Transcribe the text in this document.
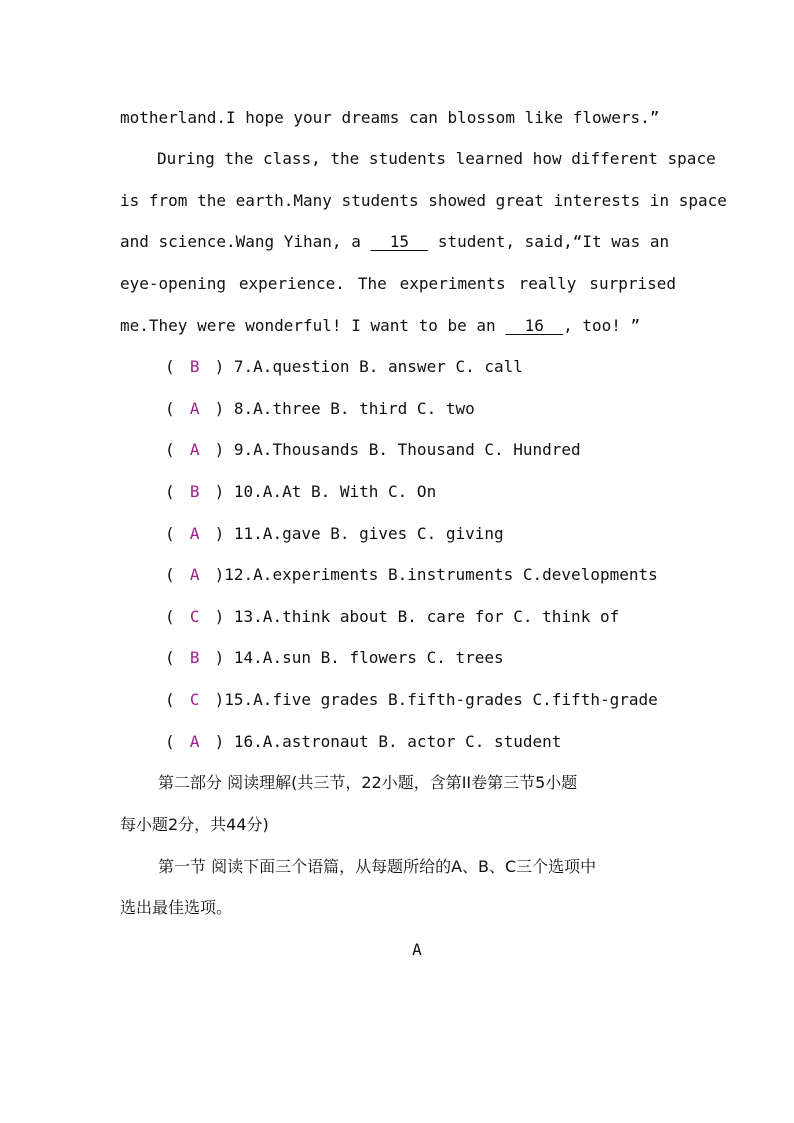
motherland.I hope your dreams can blossom like flowers.”
During the class, the students learned how different space
is from the earth.Many students showed great interests in space
and science.Wang Yihan, a   15   student, said,“It was an
eye-opening experience. The experiments really surprised
me.They were wonderful! I want to be an   16  , too! ”
( B ) 7.A.question B. answer C. call
( A ) 8.A.three B. third C. two
( A ) 9.A.Thousands B. Thousand C. Hundred
( B ) 10.A.At B. With C. On
( A ) 11.A.gave B. gives C. giving
( A )12.A.experiments B.instruments C.developments
( C ) 13.A.think about B. care for C. think of
( B ) 14.A.sun B. flowers C. trees
( C )15.A.five grades B.fifth-grades C.fifth-grade
( A ) 16.A.astronaut B. actor C. student
第二部分 阅读理解(共三节，22小题，含第II卷第三节5小题
每小题2分，共44分)
第一节 阅读下面三个语篇，从每题所给的A、B、C三个选项中
选出最佳选项。
A
